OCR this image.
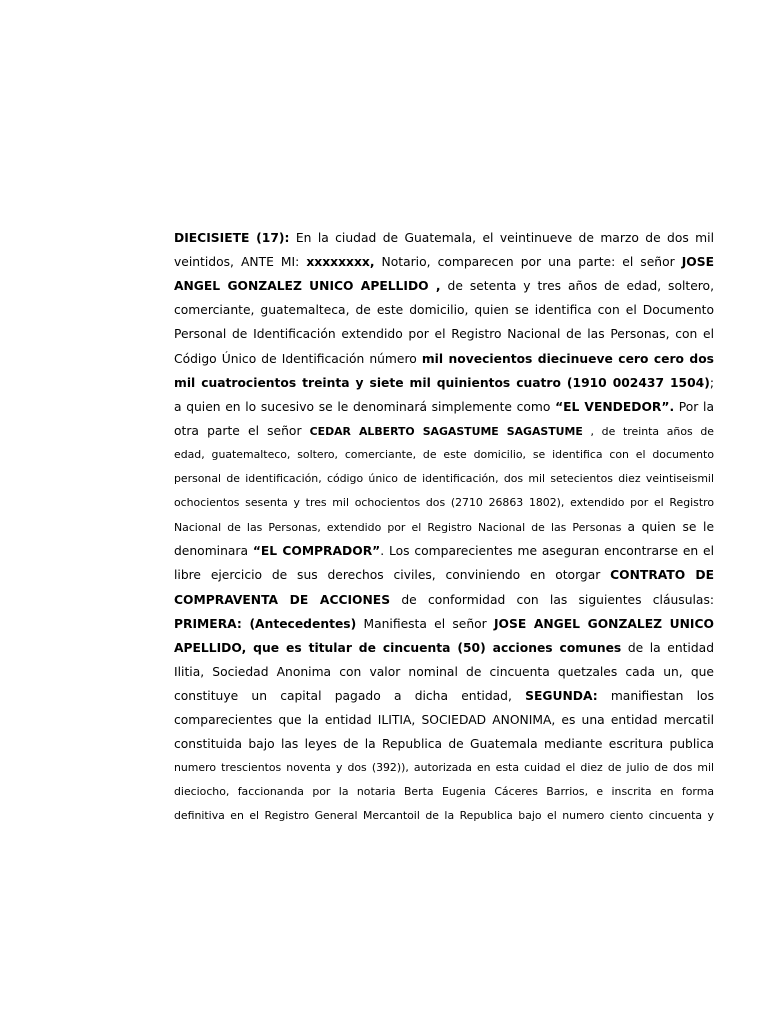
DIECISIETE (17): En la ciudad de Guatemala, el veintinueve de marzo de dos mil
veintidos, ANTE MI: xxxxxxxx, Notario, comparecen por una parte: el señor JOSE
ANGEL GONZALEZ UNICO APELLIDO , de setenta y tres años de edad, soltero,
comerciante, guatemalteca, de este domicilio, quien se identifica con el Documento
Personal de Identificación extendido por el Registro Nacional de las Personas, con el
Código Único de Identificación número mil novecientos diecinueve cero cero dos
mil cuatrocientos treinta y siete mil quinientos cuatro (1910 002437 1504);
a quien en lo sucesivo se le denominará simplemente como “EL VENDEDOR”. Por la
otra parte el señor CEDAR ALBERTO SAGASTUME SAGASTUME , de treinta años de
edad, guatemalteco, soltero, comerciante, de este domicilio, se identifica con el documento
personal de identificación, código único de identificación, dos mil setecientos diez veintiseismil
ochocientos sesenta y tres mil ochocientos dos (2710 26863 1802), extendido por el Registro
Nacional de las Personas, extendido por el Registro Nacional de las Personas a quien se le
denominara “EL COMPRADOR”. Los comparecientes me aseguran encontrarse en el
libre ejercicio de sus derechos civiles, conviniendo en otorgar CONTRATO DE
COMPRAVENTA DE ACCIONES de conformidad con las siguientes cláusulas:
PRIMERA: (Antecedentes) Manifiesta el señor JOSE ANGEL GONZALEZ UNICO
APELLIDO, que es titular de cincuenta (50) acciones comunes de la entidad
Ilitia, Sociedad Anonima con valor nominal de cincuenta quetzales cada un, que
constituye un capital pagado a dicha entidad, SEGUNDA: manifiestan los
comparecientes que la entidad ILITIA, SOCIEDAD ANONIMA, es una entidad mercatil
constituida bajo las leyes de la Republica de Guatemala mediante escritura publica
numero trescientos noventa y dos (392)), autorizada en esta cuidad el diez de julio de dos mil
dieciocho, faccionanda por la notaria Berta Eugenia Cáceres Barrios, e inscrita en forma
definitiva en el Registro General Mercantoil de la Republica bajo el numero ciento cincuenta y
